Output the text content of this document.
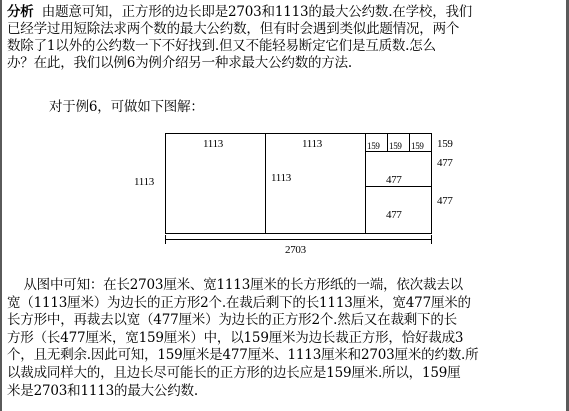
分析 由题意可知，正方形的边长即是2703和1113的最大公约数.在学校，我们
已经学过用短除法求两个数的最大公约数，但有时会遇到类似此题情况，两个
数除了1以外的公约数一下不好找到.但又不能轻易断定它们是互质数.怎么
办？在此，我们以例6为例介绍另一种求最大公约数的方法.
对于例6，可做如下图解：
1113
1113	1113
1113
159 159 159 159
477
477
477
477
2703
从图中可知：在长2703厘米、宽1113厘米的长方形纸的一端，依次裁去以
宽（1113厘米）为边长的正方形2个.在裁后剩下的长1113厘米，宽477厘米的
长方形中，再裁去以宽（477厘米）为边长的正方形2个.然后又在裁剩下的长
方形（长477厘米，宽159厘米）中，以159厘米为边长裁正方形，恰好裁成3
个，且无剩余.因此可知，159厘米是477厘米、1113厘米和2703厘米的约数.所
以裁成同样大的，且边长尽可能长的正方形的边长应是159厘米.所以，159厘
米是2703和1113的最大公约数.
